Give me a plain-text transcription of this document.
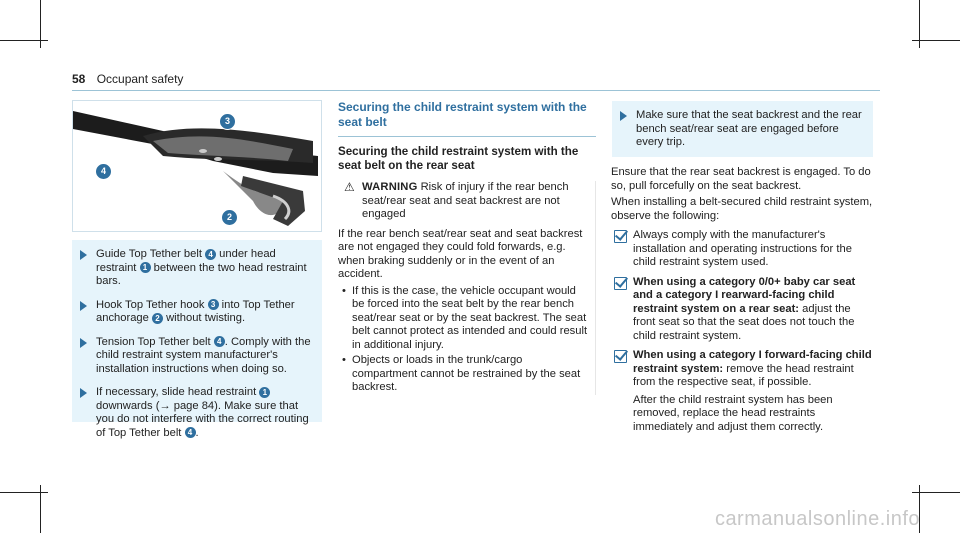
58 Occupant safety
3
4
2
Guide Top Tether belt 4 under head restraint 1 between the two head restraint bars.
Hook Top Tether hook 3 into Top Tether anchorage 2 without twisting.
Tension Top Tether belt 4 . Comply with the child restraint system manufacturer's installation instructions when doing so.
If necessary, slide head restraint 1 downwards (→ page 84). Make sure that you do not interfere with the correct routing of Top Tether belt 4 .
Securing the child restraint system with the seat belt
Securing the child restraint system with the seat belt on the rear seat
⚠ WARNING Risk of injury if the rear bench seat/rear seat and seat backrest are not engaged

If the rear bench seat/rear seat and seat backrest are not engaged they could fold forwards, e.g. when braking suddenly or in the event of an accident.

• If this is the case, the vehicle occupant would be forced into the seat belt by the rear bench seat/rear seat or by the seat backrest. The seat belt cannot protect as intended and could result in additional injury.
• Objects or loads in the trunk/cargo compartment cannot be restrained by the seat backrest.
Make sure that the seat backrest and the rear bench seat/rear seat are engaged before every trip.

Ensure that the rear seat backrest is engaged. To do so, pull forcefully on the seat backrest.

When installing a belt-secured child restraint system, observe the following:

Always comply with the manufacturer's installation and operating instructions for the child restraint system used.
When using a category 0/0+ baby car seat and a category I rearward-facing child restraint system on a rear seat: adjust the front seat so that the seat does not touch the child restraint system.
When using a category I forward-facing child restraint system: remove the head restraint from the respective seat, if possible.
After the child restraint system has been removed, replace the head restraints immediately and adjust them correctly.
carmanualsonline.info
